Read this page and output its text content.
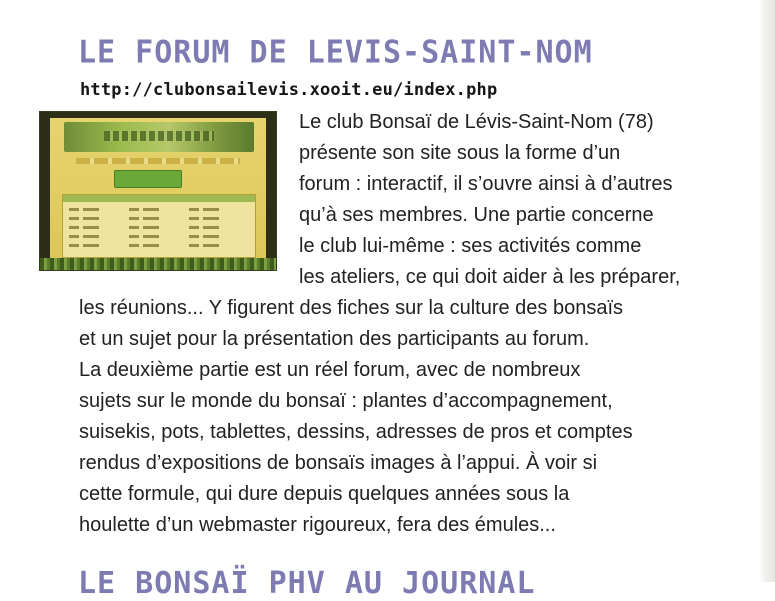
LE FORUM DE LEVIS-SAINT-NOM
http://clubonsailevis.xooit.eu/index.php

Le club Bonsaï de Lévis-Saint-Nom (78)
présente son site sous la forme d’un
forum : interactif, il s’ouvre ainsi à d’autres
qu’à ses membres. Une partie concerne
le club lui-même : ses activités comme
les ateliers, ce qui doit aider à les préparer,

les réunions... Y figurent des fiches sur la culture des bonsaïs
et un sujet pour la présentation des participants au forum.
La deuxième partie est un réel forum, avec de nombreux
sujets sur le monde du bonsaï : plantes d’accompagnement,
suisekis, pots, tablettes, dessins, adresses de pros et comptes
rendus d’expositions de bonsaïs images à l’appui. À voir si
cette formule, qui dure depuis quelques années sous la
houlette d’un webmaster rigoureux, fera des émules...

LE BONSAÏ PHV AU JOURNAL
